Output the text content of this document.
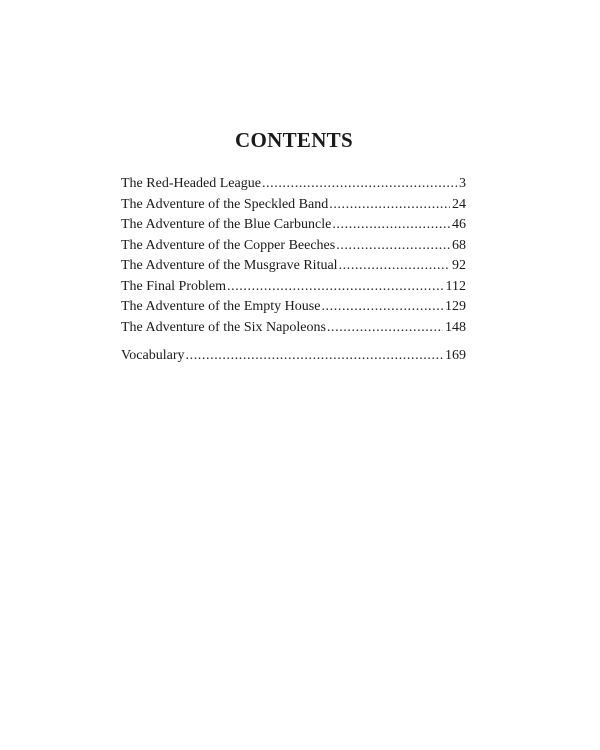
CONTENTS
The Red-Headed League .....	3
The Adventure of the Speckled Band .....	24
The Adventure of the Blue Carbuncle .....	46
The Adventure of the Copper Beeches .....	68
The Adventure of the Musgrave Ritual .....	92
The Final Problem .....	112
The Adventure of the Empty House .....	129
The Adventure of the Six Napoleons .....	148
Vocabulary .....	169
